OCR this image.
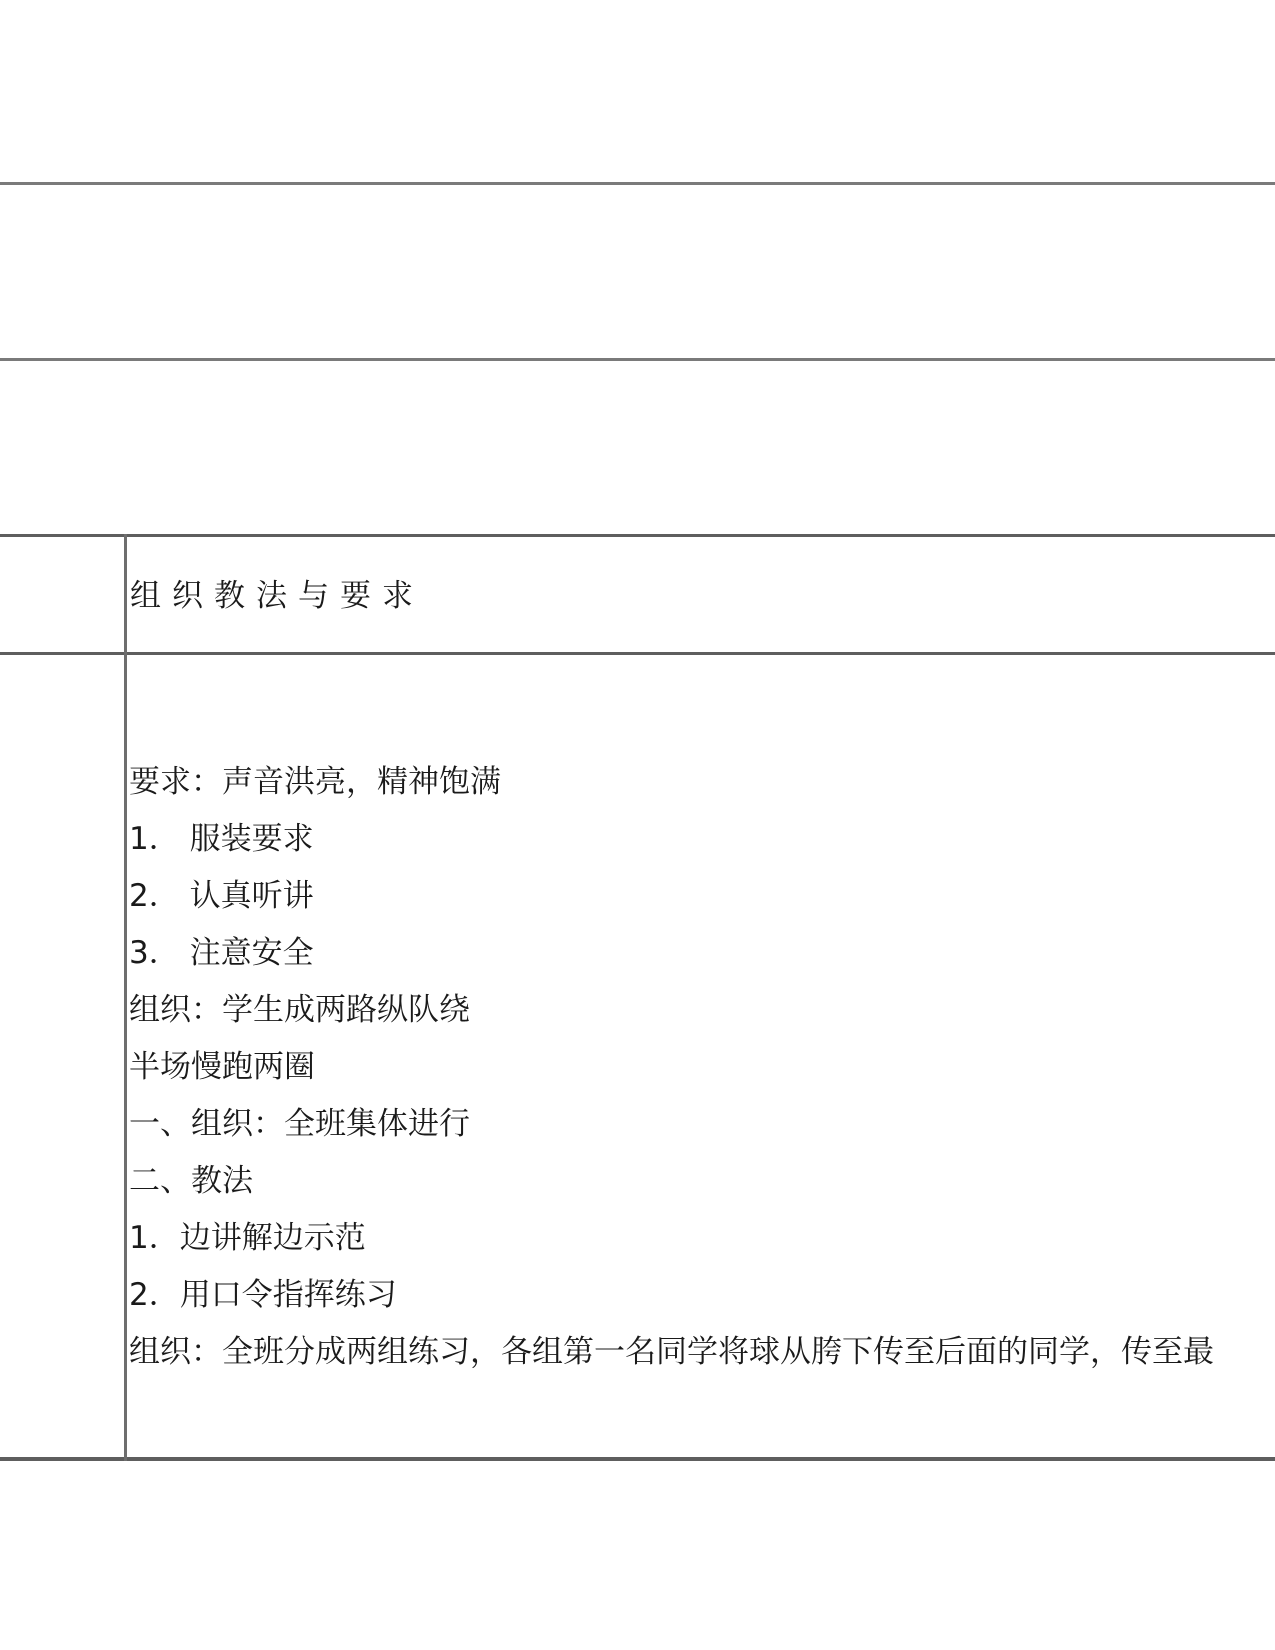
组织教法与要求
要求：声音洪亮，精神饱满
1． 服装要求
2． 认真听讲
3． 注意安全
组织：学生成两路纵队绕
半场慢跑两圈
一、组织：全班集体进行
二、教法
1．边讲解边示范
2．用口令指挥练习
组织：全班分成两组练习，各组第一名同学将球从胯下传至后面的同学，传至最
